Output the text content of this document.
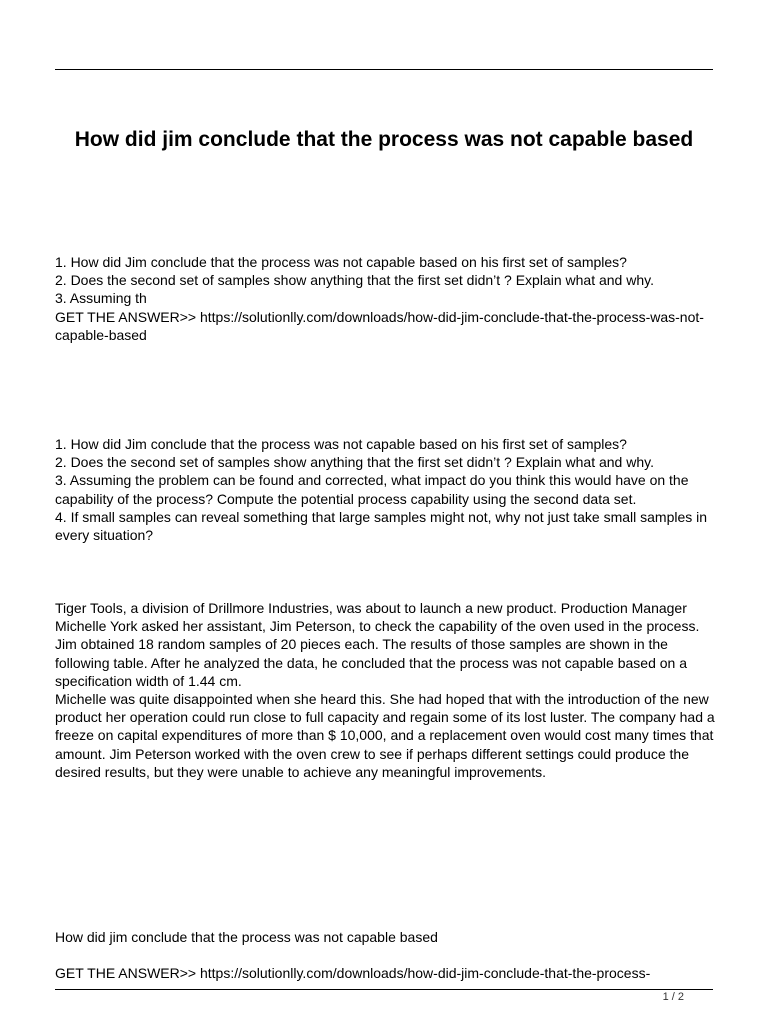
How did jim conclude that the process was not capable based

1. How did Jim conclude that the process was not capable based on his first set of samples?

2. Does the second set of samples show anything that the first set didn’t ? Explain what and why.

3. Assuming th

GET THE ANSWER>> https://solutionlly.com/downloads/how-did-jim-conclude-that-the-process-was-not-capable-based

1. How did Jim conclude that the process was not capable based on his first set of samples?

2. Does the second set of samples show anything that the first set didn’t ? Explain what and why.

3. Assuming the problem can be found and corrected, what impact do you think this would have on the capability of the process? Compute the potential process capability using the second data set.

4. If small samples can reveal something that large samples might not, why not just take small samples in every situation?

Tiger Tools, a division of Drillmore Industries, was about to launch a new product. Production Manager Michelle York asked her assistant, Jim Peterson, to check the capability of the oven used in the process. Jim obtained 18 random samples of 20 pieces each. The results of those samples are shown in the following table. After he analyzed the data, he concluded that the process was not capable based on a specification width of 1.44 cm.

Michelle was quite disappointed when she heard this. She had hoped that with the introduction of the new product her operation could run close to full capacity and regain some of its lost luster. The company had a freeze on capital expenditures of more than $ 10,000, and a replacement oven would cost many times that amount. Jim Peterson worked with the oven crew to see if perhaps different settings could produce the desired results, but they were unable to achieve any meaningful improvements.

How did jim conclude that the process was not capable based

GET THE ANSWER>> https://solutionlly.com/downloads/how-did-jim-conclude-that-the-process-

1 / 2
